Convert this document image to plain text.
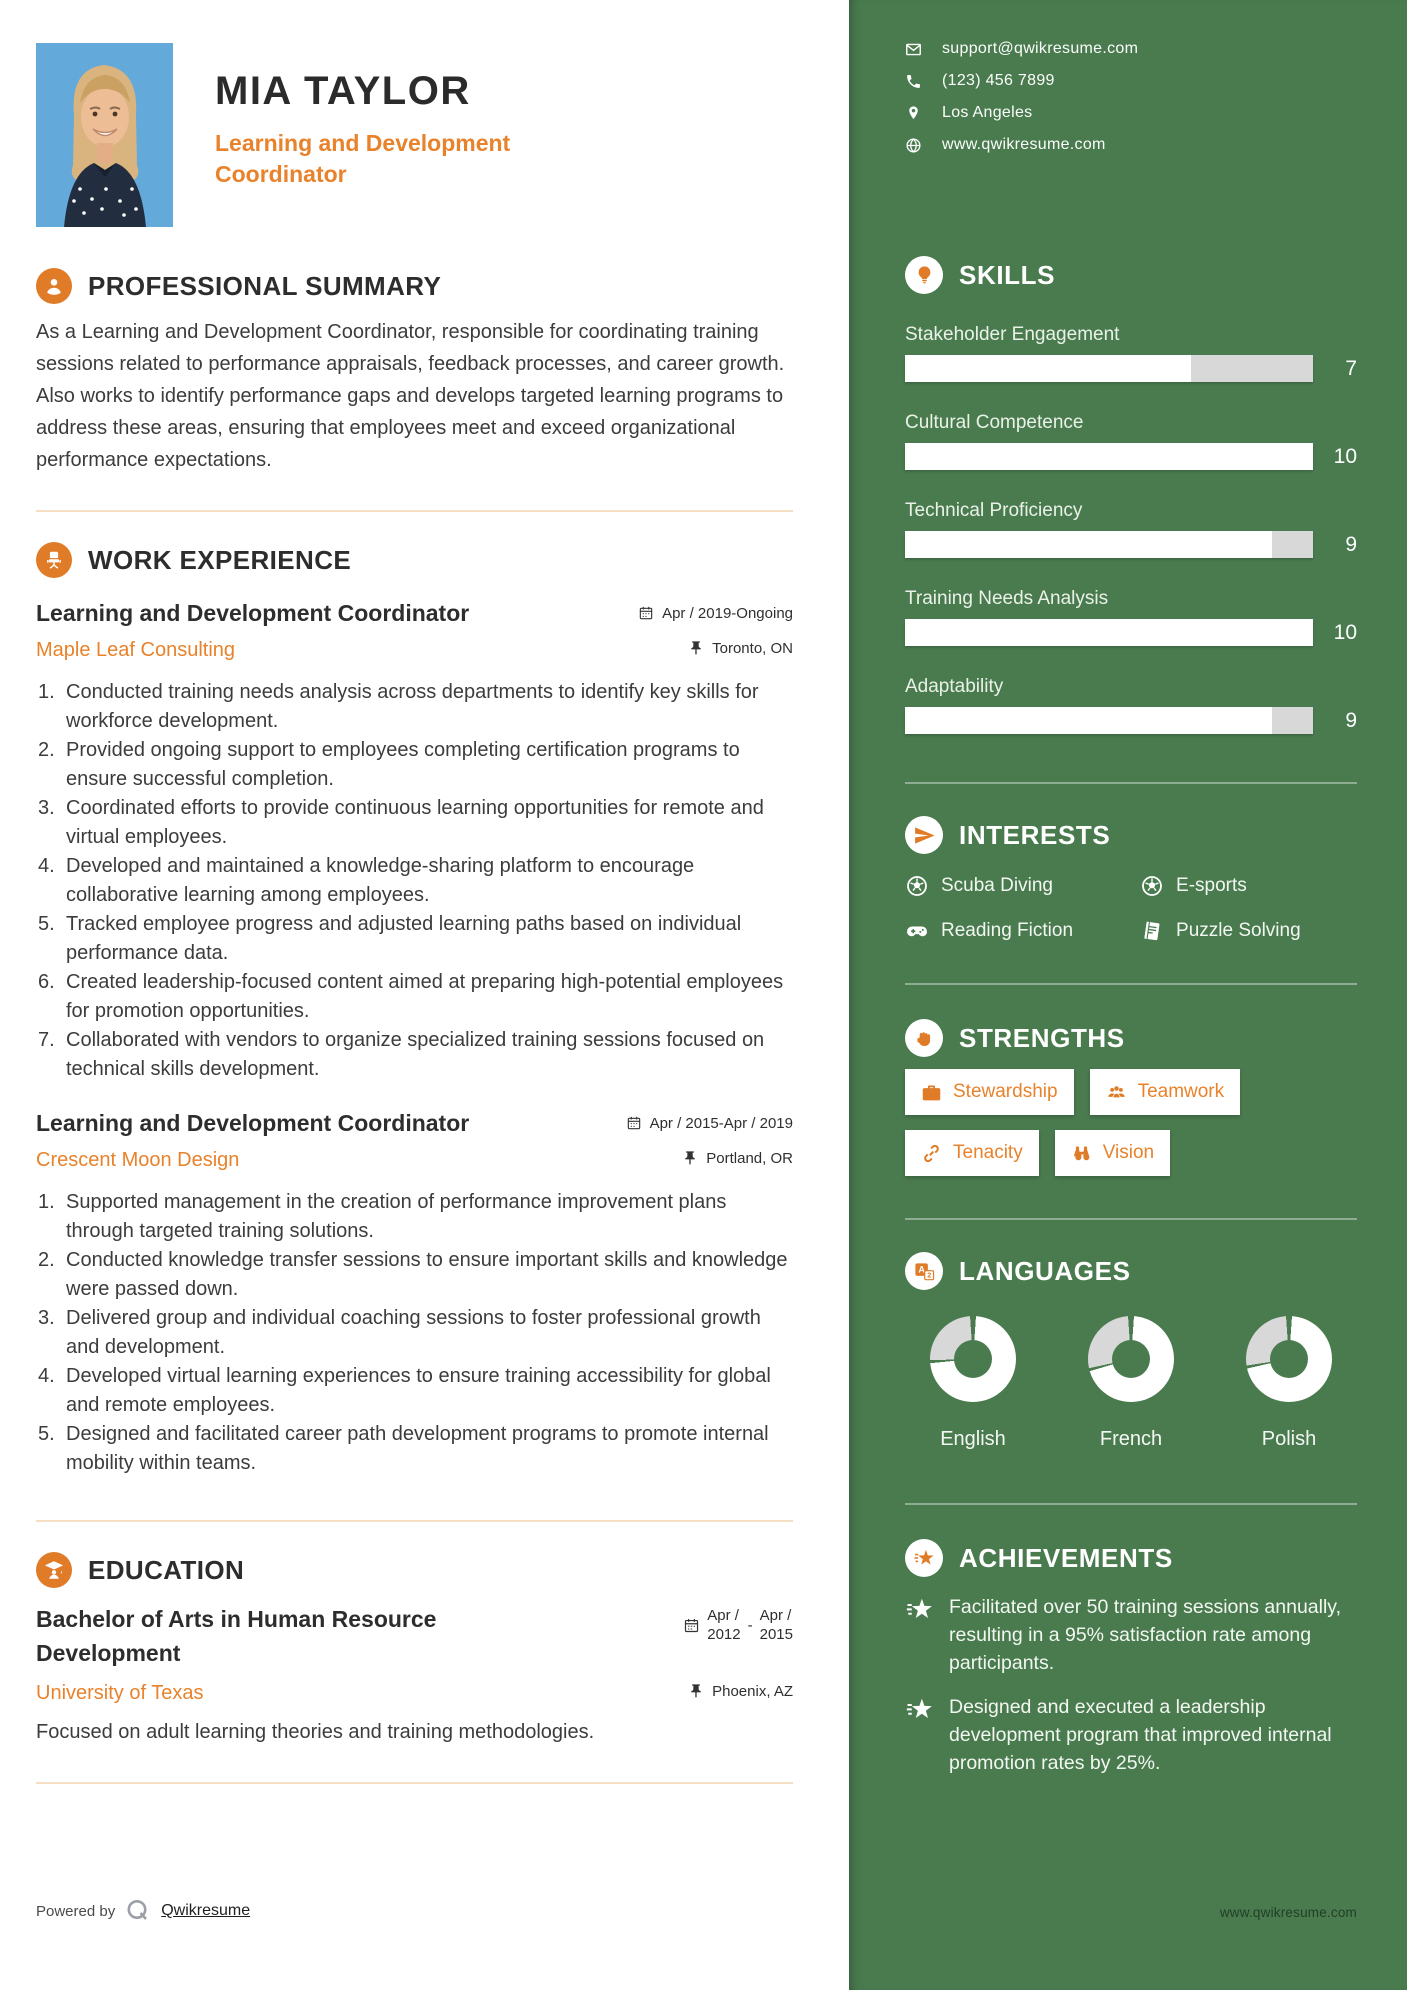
MIA TAYLOR
Learning and Development
Coordinator
PROFESSIONAL SUMMARY
As a Learning and Development Coordinator, responsible for coordinating training sessions related to performance appraisals, feedback processes, and career growth. Also works to identify performance gaps and develops targeted learning programs to address these areas, ensuring that employees meet and exceed organizational performance expectations.
WORK EXPERIENCE
Learning and Development Coordinator	Apr / 2019-Ongoing
Maple Leaf Consulting	Toronto, ON
Conducted training needs analysis across departments to identify key skills for workforce development.
Provided ongoing support to employees completing certification programs to ensure successful completion.
Coordinated efforts to provide continuous learning opportunities for remote and virtual employees.
Developed and maintained a knowledge-sharing platform to encourage collaborative learning among employees.
Tracked employee progress and adjusted learning paths based on individual performance data.
Created leadership-focused content aimed at preparing high-potential employees for promotion opportunities.
Collaborated with vendors to organize specialized training sessions focused on technical skills development.
Learning and Development Coordinator	Apr / 2015-Apr / 2019
Crescent Moon Design	Portland, OR
Supported management in the creation of performance improvement plans through targeted training solutions.
Conducted knowledge transfer sessions to ensure important skills and knowledge were passed down.
Delivered group and individual coaching sessions to foster professional growth and development.
Developed virtual learning experiences to ensure training accessibility for global and remote employees.
Designed and facilitated career path development programs to promote internal mobility within teams.
EDUCATION
Bachelor of Arts in Human Resource Development
Apr /
2012
-
Apr /
2015
University of Texas	Phoenix, AZ
Focused on adult learning theories and training methodologies.
Powered by	Qwikresume
support@qwikresume.com
(123) 456 7899
Los Angeles
www.qwikresume.com
SKILLS
Stakeholder Engagement
7
Cultural Competence
10
Technical Proficiency
9
Training Needs Analysis
10
Adaptability
9
INTERESTS
Scuba Diving	E-sports
Reading Fiction	Puzzle Solving
STRENGTHS
Stewardship	Teamwork
Tenacity	Vision
A
2 LANGUAGES
English	French	Polish
ACHIEVEMENTS
Facilitated over 50 training sessions annually, resulting in a 95% satisfaction rate among participants.
Designed and executed a leadership development program that improved internal promotion rates by 25%.
www.qwikresume.com
